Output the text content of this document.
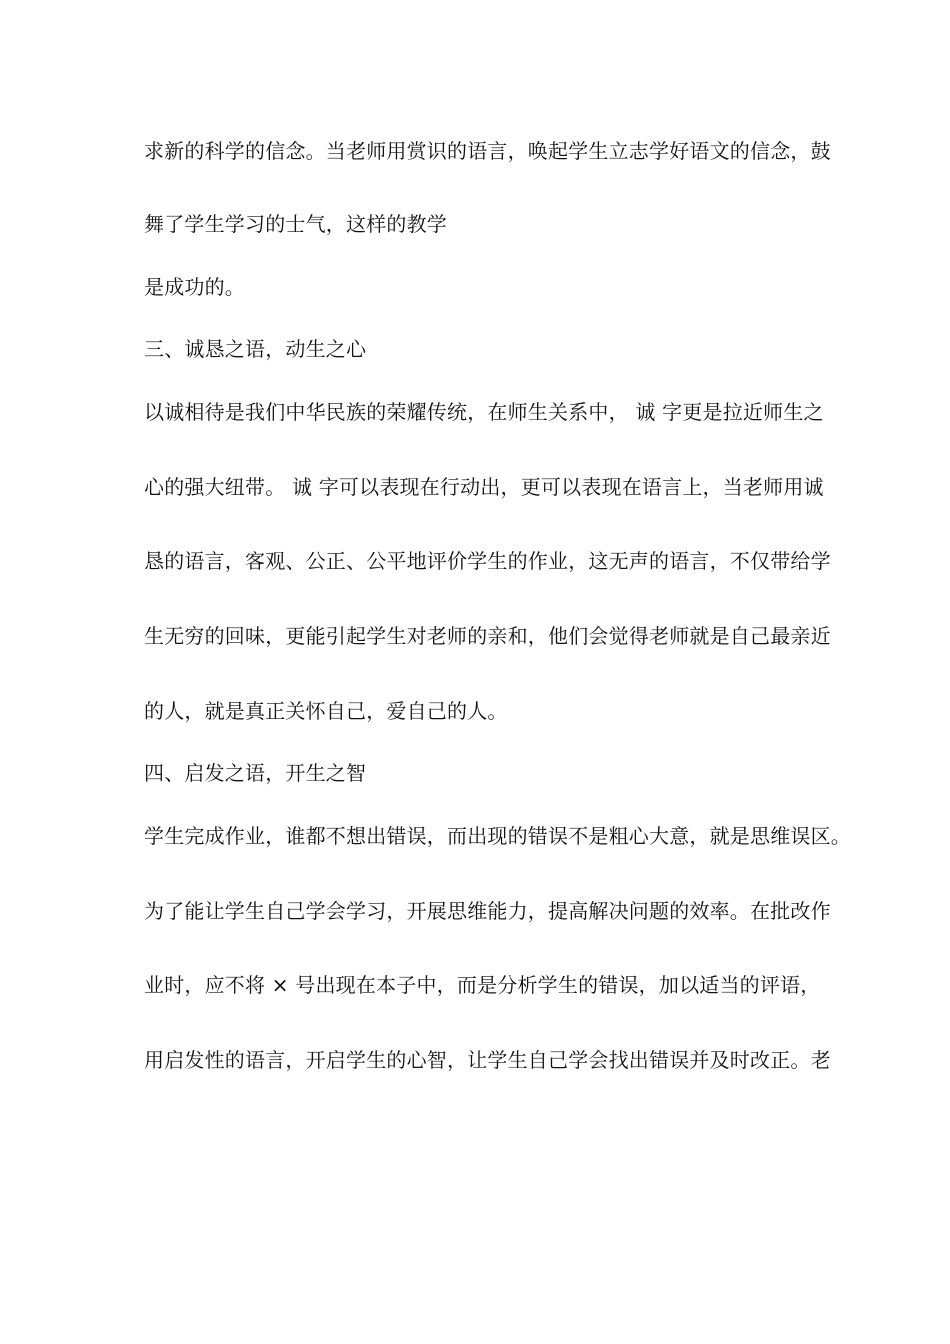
求新的科学的信念。当老师用赏识的语言，唤起学生立志学好语文的信念，鼓
舞了学生学习的士气，这样的教学
是成功的。
三、诚恳之语，动生之心
以诚相待是我们中华民族的荣耀传统，在师生关系中， 诚 字更是拉近师生之
心的强大纽带。 诚 字可以表现在行动出，更可以表现在语言上，当老师用诚
恳的语言，客观、公正、公平地评价学生的作业，这无声的语言，不仅带给学
生无穷的回味，更能引起学生对老师的亲和，他们会觉得老师就是自己最亲近
的人，就是真正关怀自己，爱自己的人。
四、启发之语，开生之智
学生完成作业，谁都不想出错误，而出现的错误不是粗心大意，就是思维误区。
为了能让学生自己学会学习，开展思维能力，提高解决问题的效率。在批改作
业时，应不将 × 号出现在本子中，而是分析学生的错误，加以适当的评语，
用启发性的语言，开启学生的心智，让学生自己学会找出错误并及时改正。老
